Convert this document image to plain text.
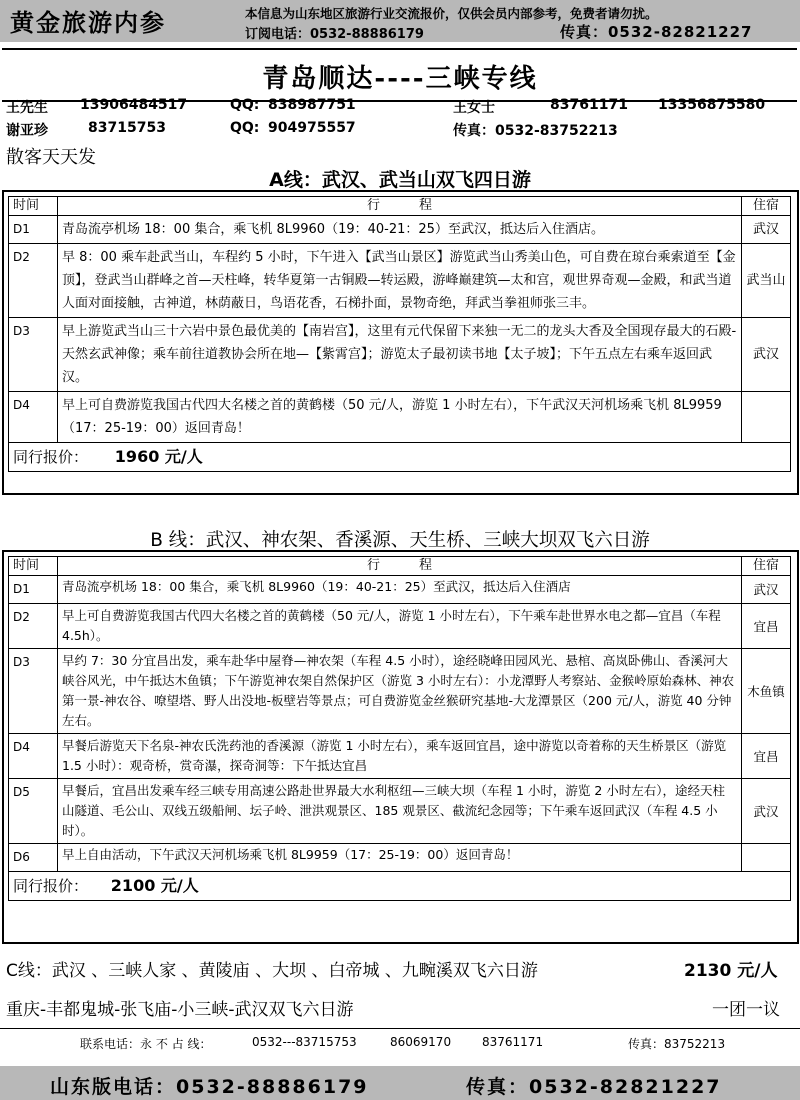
黄金旅游内参	本信息为山东地区旅游行业交流报价，仅供会员内部参考，免费者请勿扰。
订阅电话：0532-88886179	传真：0532-82821227
青岛顺达----三峡专线
王先生 13906484517	QQ: 838987751	王女士	83761171 13356875580
谢亚珍	83715753	QQ: 904975557	传真：0532-83752213
散客天天发
A线：武汉、武当山双飞四日游
时间	行　　　程	住宿
D1	青岛流亭机场 18：00 集合，乘飞机 8L9960（19：40-21：25）至武汉，抵达后入住酒店。	武汉
D2	早 8：00 乘车赴武当山，车程约 5 小时，下午进入【武当山景区】游览武当山秀美山色，可自费在琼台乘索道至【金顶】，登武当山群峰之首—天柱峰，转华夏第一古铜殿—转运殿，游峰巅建筑—太和宫，观世界奇观—金殿，和武当道人面对面接触，古神道，林荫蔽日，鸟语花香，石梯扑面，景物奇绝，拜武当拳祖师张三丰。	武当山
D3	早上游览武当山三十六岩中景色最优美的【南岩宫】，这里有元代保留下来独一无二的龙头大香及全国现存最大的石殿-天然玄武神像；乘车前往道教协会所在地—【紫霄宫】；游览太子最初读书地【太子坡】；下午五点左右乘车返回武汉。	武汉
D4	早上可自费游览我国古代四大名楼之首的黄鹤楼（50 元/人，游览 1 小时左右），下午武汉天河机场乘飞机 8L9959（17：25-19：00）返回青岛！	
同行报价： 1960 元/人		
B 线：武汉、神农架、香溪源、天生桥、三峡大坝双飞六日游
时间	行　　　程	住宿
D1	青岛流亭机场 18：00 集合，乘飞机 8L9960（19：40-21：25）至武汉，抵达后入住酒店	武汉
D2	早上可自费游览我国古代四大名楼之首的黄鹤楼（50 元/人，游览 1 小时左右），下午乘车赴世界水电之都—宜昌（车程 4.5h）。	宜昌
D3	早约 7：30 分宜昌出发，乘车赴华中屋脊—神农架（车程 4.5 小时），途经晓峰田园风光、悬棺、高岚卧佛山、香溪河大峡谷风光，中午抵达木鱼镇；下午游览神农架自然保护区（游览 3 小时左右）：小龙潭野人考察站、金猴岭原始森林、神农第一景-神农谷、嘹望塔、野人出没地-板壁岩等景点；可自费游览金丝猴研究基地-大龙潭景区（200 元/人，游览 40 分钟左右。	木鱼镇
D4	早餐后游览天下名泉-神农氏洗药池的香溪源（游览 1 小时左右），乘车返回宜昌，途中游览以奇着称的天生桥景区（游览 1.5 小时）：观奇桥，赏奇瀑，探奇洞等：下午抵达宜昌	宜昌
D5	早餐后，宜昌出发乘车经三峡专用高速公路赴世界最大水利枢纽—三峡大坝（车程 1 小时，游览 2 小时左右），途经天柱山隧道、毛公山、双线五级船闸、坛子岭、泄洪观景区、185 观景区、截流纪念园等；下午乘车返回武汉（车程 4.5 小时）。	武汉
D6	早上自由活动，下午武汉天河机场乘飞机 8L9959（17：25-19：00）返回青岛！	
同行报价： 2100 元/人		
C线：武汉 、三峡人家 、黄陵庙 、大坝 、白帝城 、九畹溪双飞六日游	2130 元/人
重庆-丰都鬼城-张飞庙-小三峡-武汉双飞六日游	一团一议
联系电话：永 不 占 线：	0532---83715753	86069170	83761171	传真：83752213
山东版电话：0532-88886179	传真：0532-82821227
